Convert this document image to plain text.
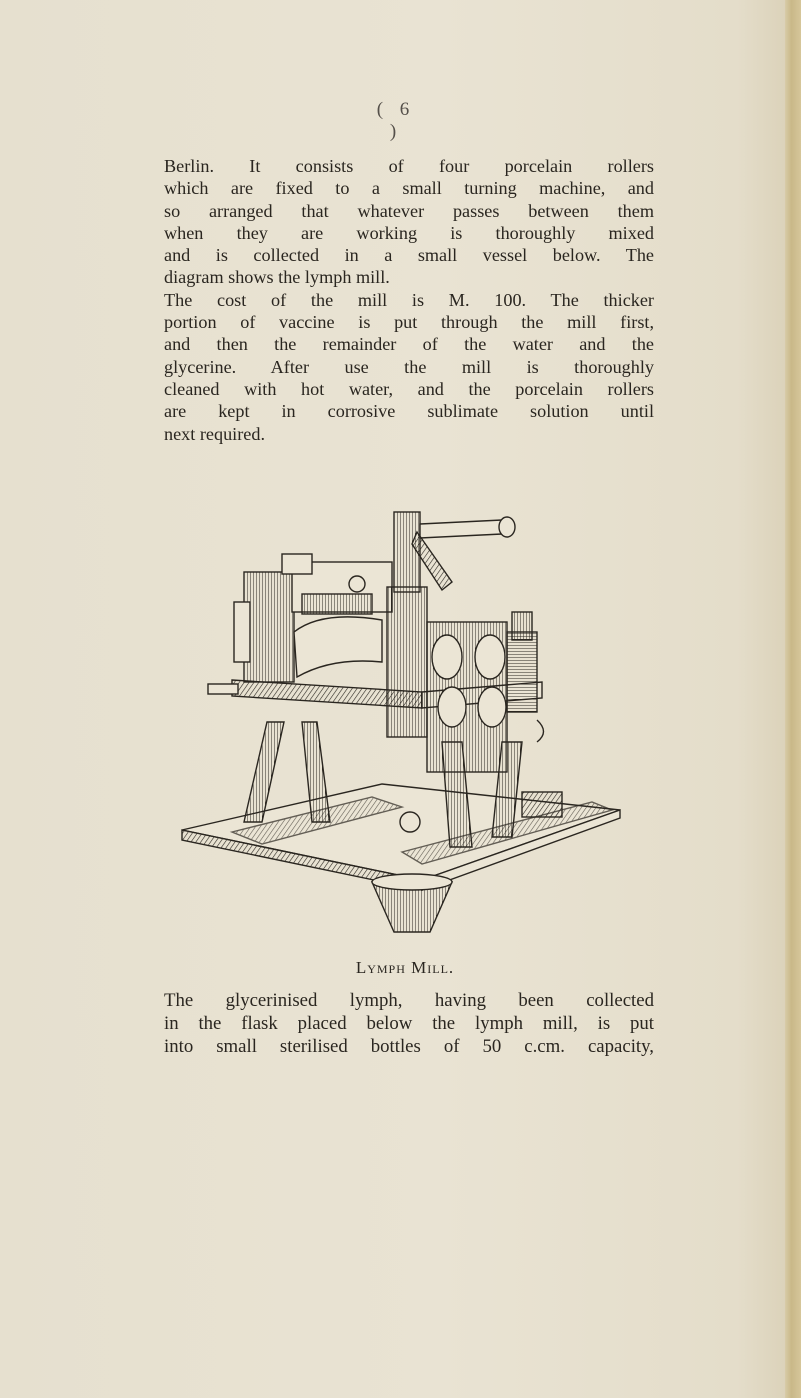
( 6 )
Berlin. It consists of four porcelain rollers
which are fixed to a small turning machine, and
so arranged that whatever passes between them
when they are working is thoroughly mixed
and is collected in a small vessel below. The
diagram shows the lymph mill.
The cost of the mill is M. 100. The thicker
portion of vaccine is put through the mill first,
and then the remainder of the water and the
glycerine. After use the mill is thoroughly
cleaned with hot water, and the porcelain rollers
are kept in corrosive sublimate solution until
next required.
Lymph Mill.
The glycerinised lymph, having been collected
in the flask placed below the lymph mill, is put
into small sterilised bottles of 50 c.cm. capacity,
